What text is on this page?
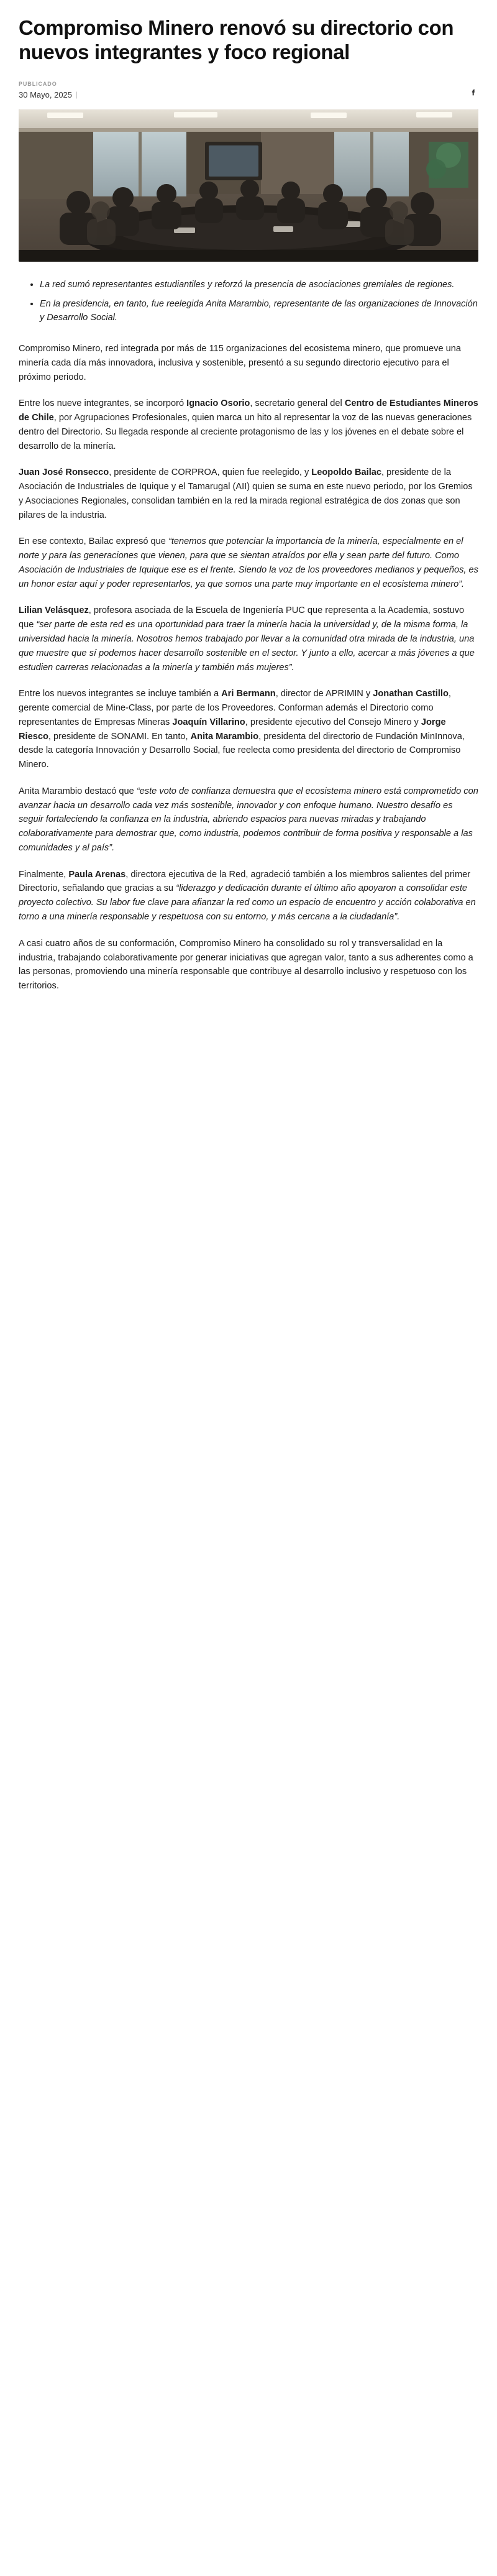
Compromiso Minero renovó su directorio con nuevos integrantes y foco regional
PUBLICADO
30 Mayo, 2025 |
• La red sumó representantes estudiantiles y reforzó la presencia de asociaciones gremiales de regiones.
• En la presidencia, en tanto, fue reelegida Anita Marambio, representante de las organizaciones de Innovación y Desarrollo Social.

Compromiso Minero, red integrada por más de 115 organizaciones del ecosistema minero, que promueve una minería cada día más innovadora, inclusiva y sostenible, presentó a su segundo directorio ejecutivo para el próximo periodo.

Entre los nueve integrantes, se incorporó Ignacio Osorio, secretario general del Centro de Estudiantes Mineros de Chile, por Agrupaciones Profesionales, quien marca un hito al representar la voz de las nuevas generaciones dentro del Directorio. Su llegada responde al creciente protagonismo de las y los jóvenes en el debate sobre el desarrollo de la minería.

Juan José Ronsecco, presidente de CORPROA, quien fue reelegido, y Leopoldo Bailac, presidente de la Asociación de Industriales de Iquique y el Tamarugal (AII) quien se suma en este nuevo periodo, por los Gremios y Asociaciones Regionales, consolidan también en la red la mirada regional estratégica de dos zonas que son pilares de la industria.

En ese contexto, Bailac expresó que “tenemos que potenciar la importancia de la minería, especialmente en el norte y para las generaciones que vienen, para que se sientan atraídos por ella y sean parte del futuro. Como Asociación de Industriales de Iquique ese es el frente. Siendo la voz de los proveedores medianos y pequeños, es un honor estar aquí y poder representarlos, ya que somos una parte muy importante en el ecosistema minero”.

Lilian Velásquez, profesora asociada de la Escuela de Ingeniería PUC que representa a la Academia, sostuvo que “ser parte de esta red es una oportunidad para traer la minería hacia la universidad y, de la misma forma, la universidad hacia la minería. Nosotros hemos trabajado por llevar a la comunidad otra mirada de la industria, una que muestre que sí podemos hacer desarrollo sostenible en el sector. Y junto a ello, acercar a más jóvenes a que estudien carreras relacionadas a la minería y también más mujeres”.

Entre los nuevos integrantes se incluye también a Ari Bermann, director de APRIMIN y Jonathan Castillo, gerente comercial de Mine-Class, por parte de los Proveedores. Conforman además el Directorio como representantes de Empresas Mineras Joaquín Villarino, presidente ejecutivo del Consejo Minero y Jorge Riesco, presidente de SONAMI. En tanto, Anita Marambio, presidenta del directorio de Fundación MinInnova, desde la categoría Innovación y Desarrollo Social, fue reelecta como presidenta del directorio de Compromiso Minero.

Anita Marambio destacó que “este voto de confianza demuestra que el ecosistema minero está comprometido con avanzar hacia un desarrollo cada vez más sostenible, innovador y con enfoque humano. Nuestro desafío es seguir fortaleciendo la confianza en la industria, abriendo espacios para nuevas miradas y trabajando colaborativamente para demostrar que, como industria, podemos contribuir de forma positiva y responsable a las comunidades y al país”.

Finalmente, Paula Arenas, directora ejecutiva de la Red, agradeció también a los miembros salientes del primer Directorio, señalando que gracias a su “liderazgo y dedicación durante el último año apoyaron a consolidar este proyecto colectivo. Su labor fue clave para afianzar la red como un espacio de encuentro y acción colaborativa en torno a una minería responsable y respetuosa con su entorno, y más cercana a la ciudadanía”.

A casi cuatro años de su conformación, Compromiso Minero ha consolidado su rol y transversalidad en la industria, trabajando colaborativamente por generar iniciativas que agregan valor, tanto a sus adherentes como a las personas, promoviendo una minería responsable que contribuye al desarrollo inclusivo y respetuoso con los territorios.
